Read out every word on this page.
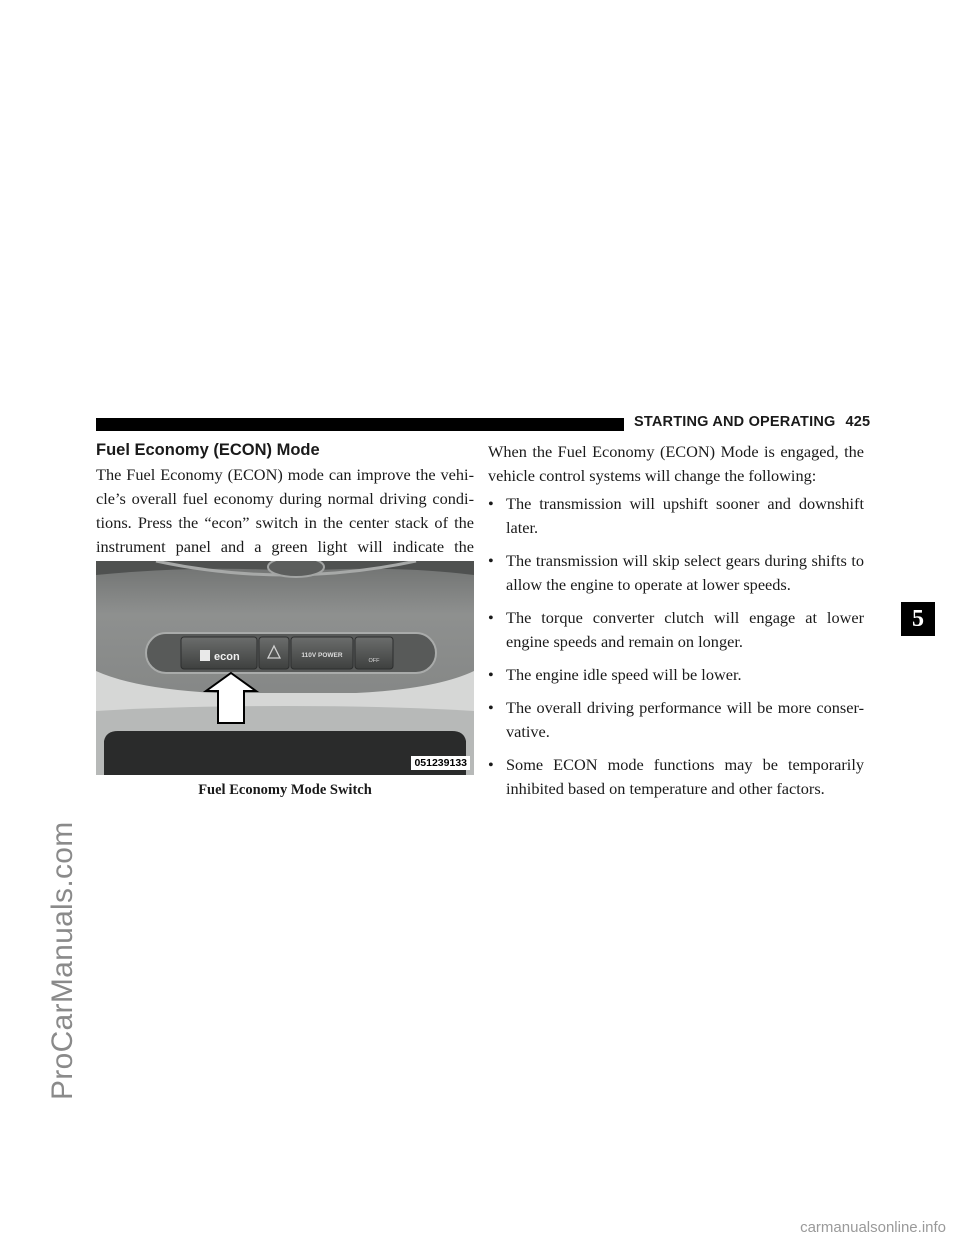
ProCarManuals.com
STARTING AND OPERATING 425
Fuel Economy (ECON) Mode

The Fuel Economy (ECON) mode can improve the vehi-cle’s overall fuel economy during normal driving condi-tions. Press the “econ” switch in the center stack of the instrument panel and a green light will indicate the

econ	110V POWER
OFF
051239133
Fuel Economy Mode Switch

When the Fuel Economy (ECON) Mode is engaged, the vehicle control systems will change the following:

• The transmission will upshift sooner and downshift later.
• The transmission will skip select gears during shifts to allow the engine to operate at lower speeds.
• The torque converter clutch will engage at lower engine speeds and remain on longer.
• The engine idle speed will be lower.
• The overall driving performance will be more conser-vative.
• Some ECON mode functions may be temporarily inhibited based on temperature and other factors.
5
carmanualsonline.info
